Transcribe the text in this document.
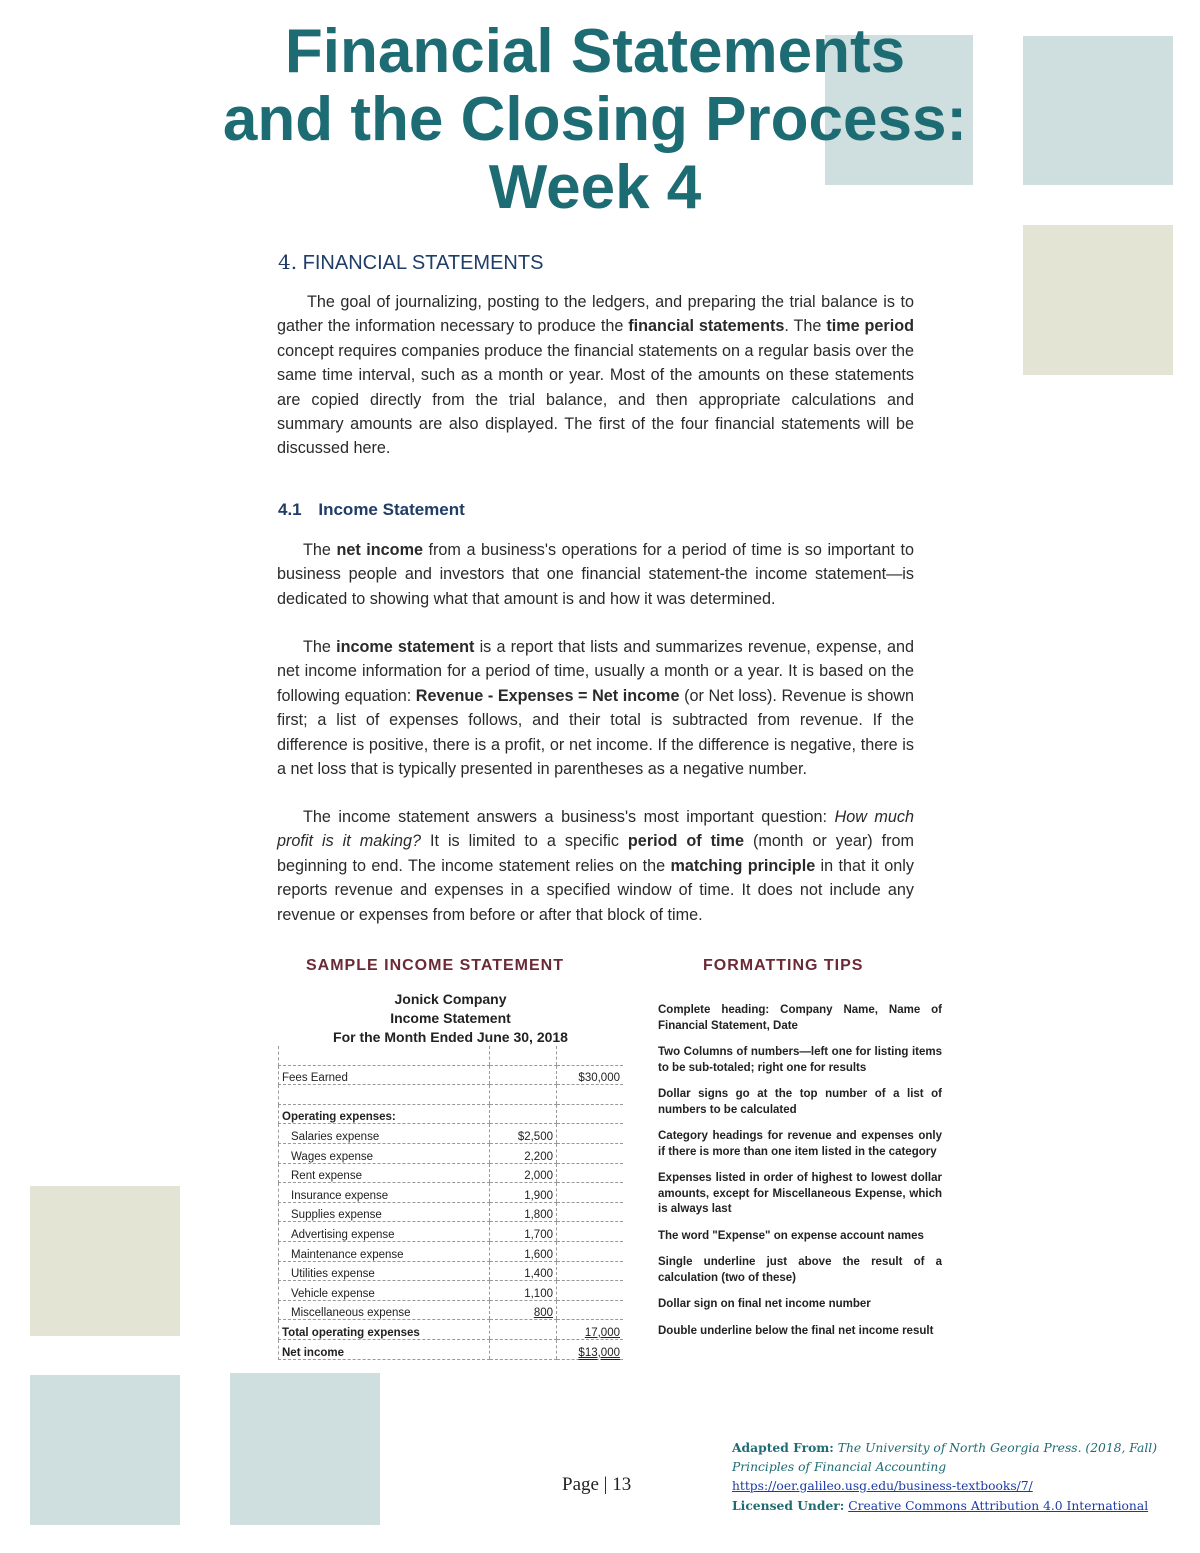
Financial Statements
and the Closing Process:
Week 4
4. FINANCIAL STATEMENTS

The goal of journalizing, posting to the ledgers, and preparing the trial balance is to gather the information necessary to produce the financial statements. The time period concept requires companies produce the financial statements on a regular basis over the same time interval, such as a month or year. Most of the amounts on these statements are copied directly from the trial balance, and then appropriate calculations and summary amounts are also displayed. The first of the four financial statements will be discussed here.

4.1 Income Statement

The net income from a business's operations for a period of time is so important to business people and investors that one financial statement-the income statement—is dedicated to showing what that amount is and how it was determined.

The income statement is a report that lists and summarizes revenue, expense, and net income information for a period of time, usually a month or a year. It is based on the following equation: Revenue - Expenses = Net income (or Net loss). Revenue is shown first; a list of expenses follows, and their total is subtracted from revenue. If the difference is positive, there is a profit, or net income. If the difference is negative, there is a net loss that is typically presented in parentheses as a negative number.

The income statement answers a business's most important question: How much profit is it making? It is limited to a specific period of time (month or year) from beginning to end. The income statement relies on the matching principle in that it only reports revenue and expenses in a specified window of time. It does not include any revenue or expenses from before or after that block of time.

SAMPLE INCOME STATEMENT
Jonick Company
Income Statement
For the Month Ended June 30, 2018

Fees Earned		$30,000

Operating expenses:		
Salaries expense	$2,500	
Wages expense	2,200	
Rent expense	2,000	
Insurance expense	1,900	
Supplies expense	1,800	
Advertising expense	1,700	
Maintenance expense	1,600	
Utilities expense	1,400	
Vehicle expense	1,100	
Miscellaneous expense	800	
Total operating expenses		17,000
Net income		$13,000
FORMATTING TIPS
Complete heading: Company Name, Name of Financial Statement, Date
Two Columns of numbers—left one for listing items to be sub-totaled; right one for results
Dollar signs go at the top number of a list of numbers to be calculated
Category headings for revenue and expenses only if there is more than one item listed in the category
Expenses listed in order of highest to lowest dollar amounts, except for Miscellaneous Expense, which is always last
The word "Expense" on expense account names
Single underline just above the result of a calculation (two of these)
Dollar sign on final net income number
Double underline below the final net income result
Page | 13
Adapted From: The University of North Georgia Press. (2018, Fall)
Principles of Financial Accounting
https://oer.galileo.usg.edu/business-textbooks/7/
Licensed Under: Creative Commons Attribution 4.0 International
